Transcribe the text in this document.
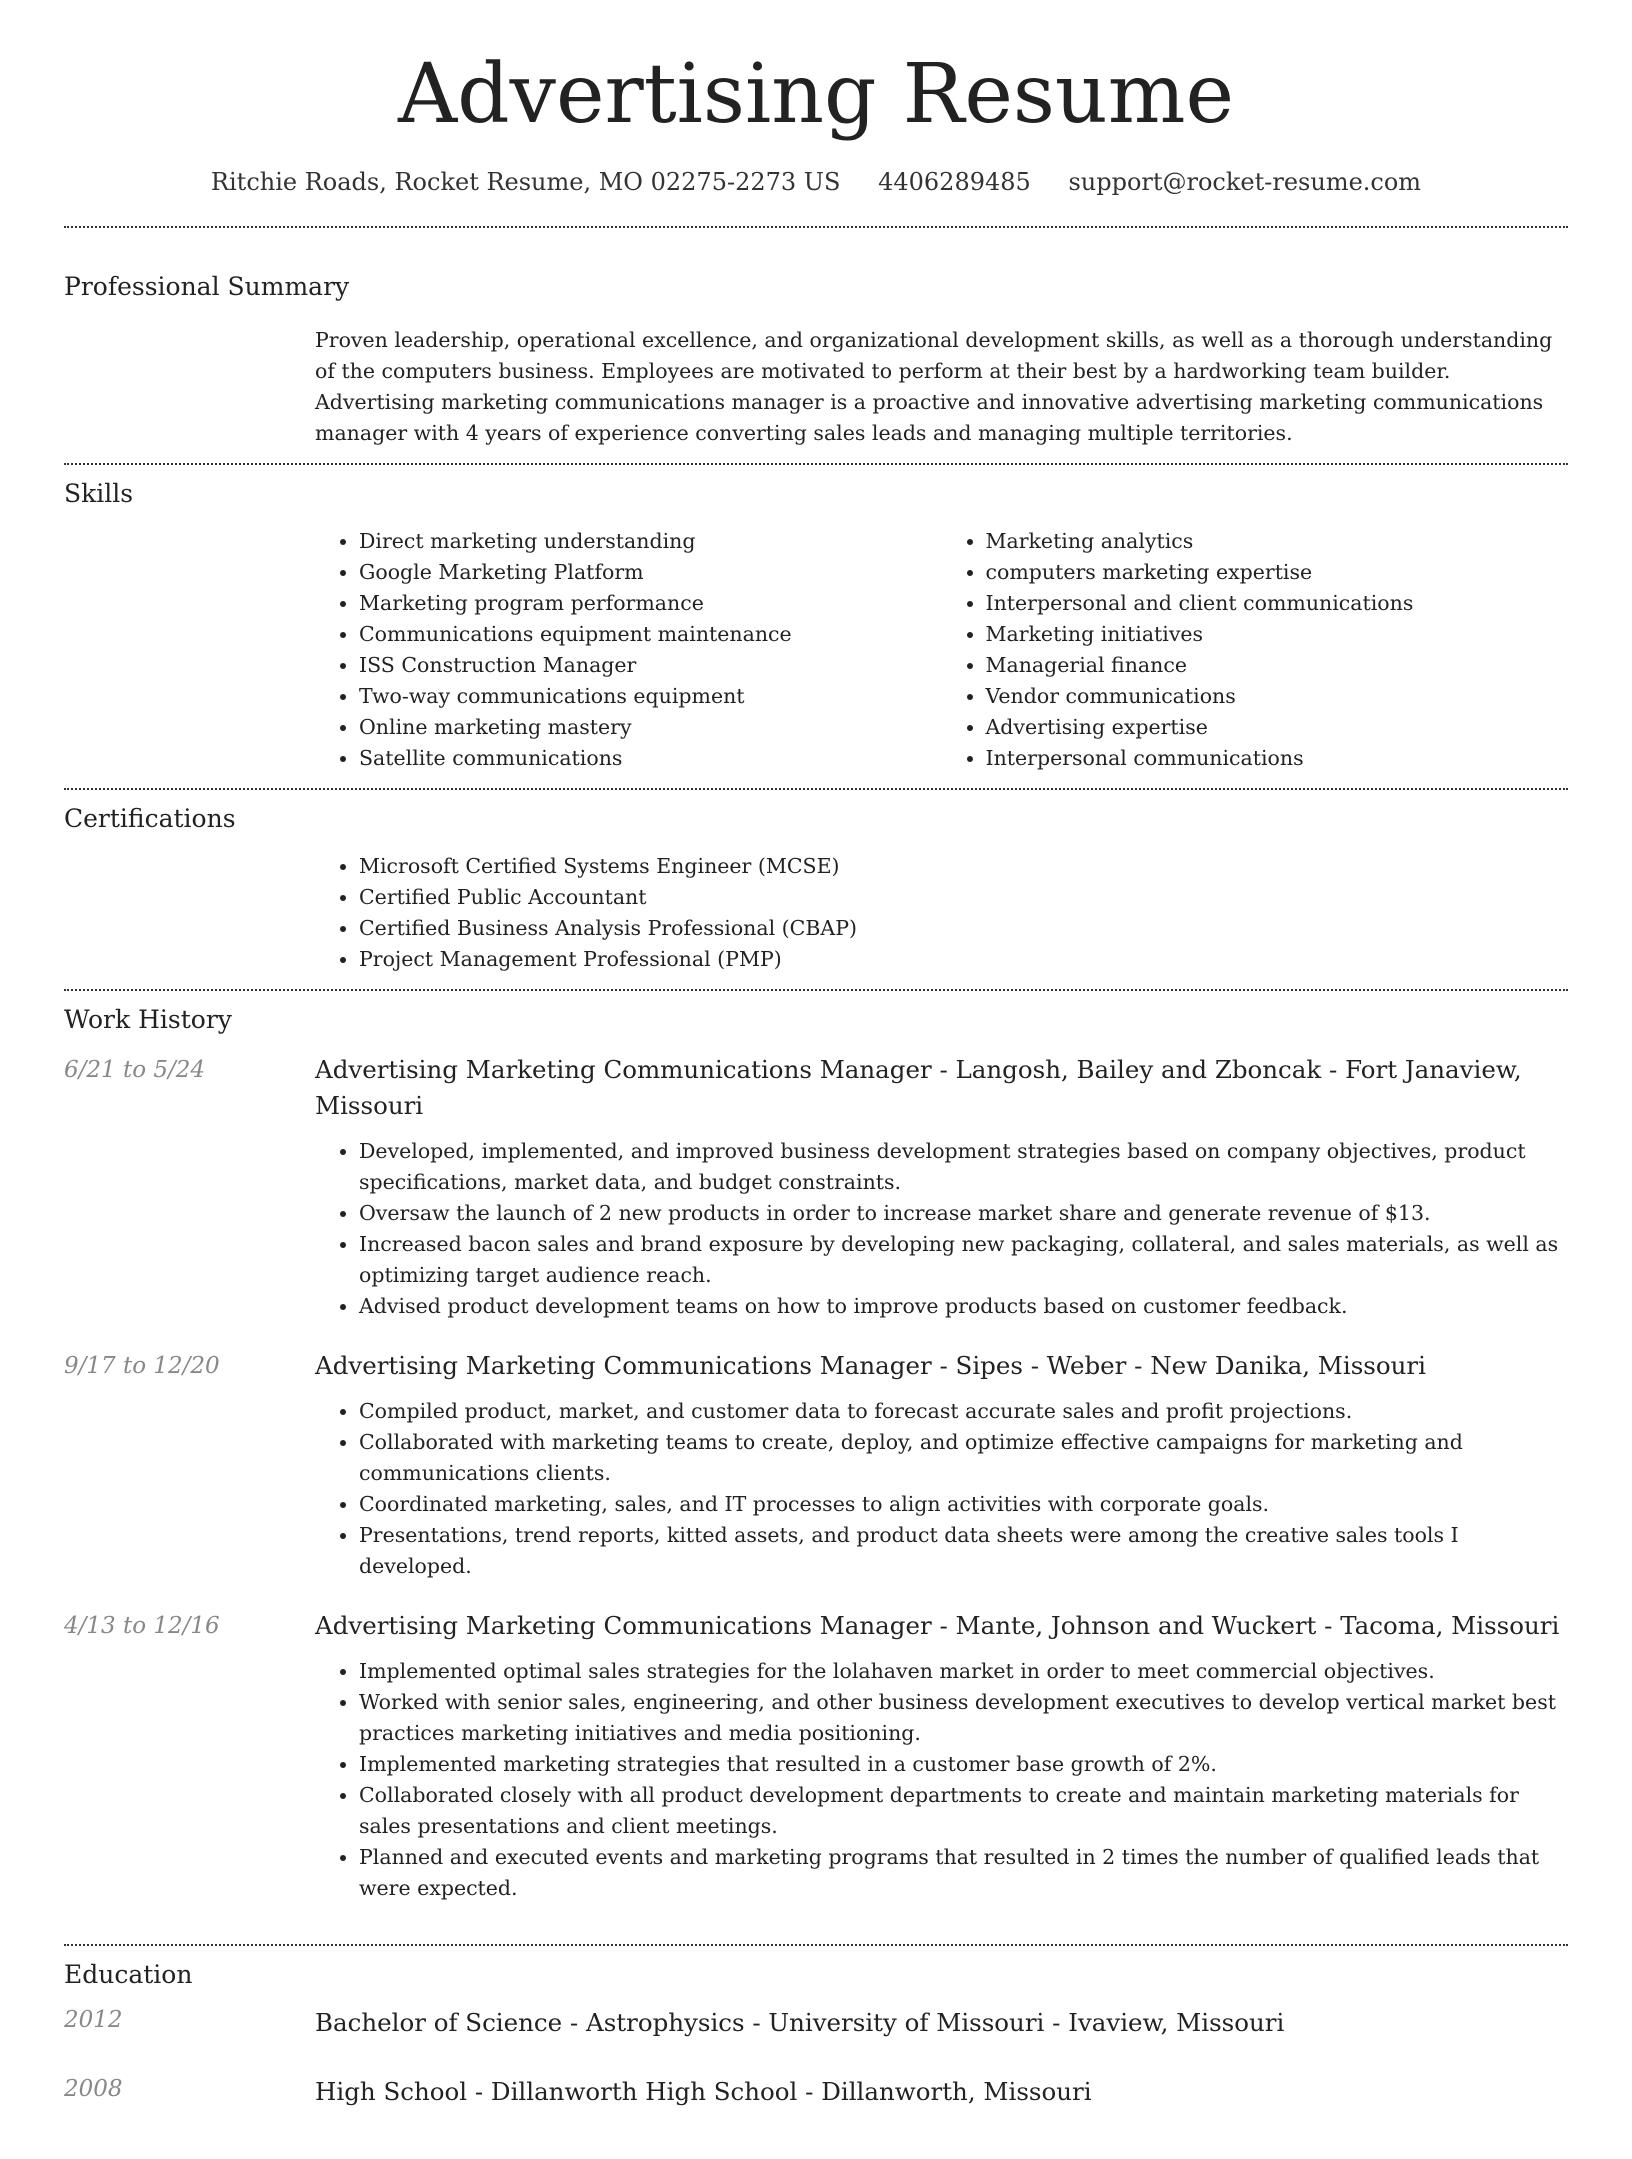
Advertising Resume
Ritchie Roads, Rocket Resume, MO 02275-2273 US 4406289485 support@rocket-resume.com
Professional Summary
Proven leadership, operational excellence, and organizational development skills, as well as a thorough understanding of the computers business. Employees are motivated to perform at their best by a hardworking team builder. Advertising marketing communications manager is a proactive and innovative advertising marketing communications manager with 4 years of experience converting sales leads and managing multiple territories.
Skills
• Direct marketing understanding
• Google Marketing Platform
• Marketing program performance
• Communications equipment maintenance
• ISS Construction Manager
• Two-way communications equipment
• Online marketing mastery
• Satellite communications
• Marketing analytics
• computers marketing expertise
• Interpersonal and client communications
• Marketing initiatives
• Managerial finance
• Vendor communications
• Advertising expertise
• Interpersonal communications
Certifications
• Microsoft Certified Systems Engineer (MCSE)
• Certified Public Accountant
• Certified Business Analysis Professional (CBAP)
• Project Management Professional (PMP)
Work History
6/21 to 5/24	Advertising Marketing Communications Manager - Langosh, Bailey and Zboncak - Fort Janaview, Missouri
• Developed, implemented, and improved business development strategies based on company objectives, product specifications, market data, and budget constraints.
• Oversaw the launch of 2 new products in order to increase market share and generate revenue of $13.
• Increased bacon sales and brand exposure by developing new packaging, collateral, and sales materials, as well as optimizing target audience reach.
• Advised product development teams on how to improve products based on customer feedback.
9/17 to 12/20	Advertising Marketing Communications Manager - Sipes - Weber - New Danika, Missouri
• Compiled product, market, and customer data to forecast accurate sales and profit projections.
• Collaborated with marketing teams to create, deploy, and optimize effective campaigns for marketing and communications clients.
• Coordinated marketing, sales, and IT processes to align activities with corporate goals.
• Presentations, trend reports, kitted assets, and product data sheets were among the creative sales tools I developed.
4/13 to 12/16	Advertising Marketing Communications Manager - Mante, Johnson and Wuckert - Tacoma, Missouri
• Implemented optimal sales strategies for the lolahaven market in order to meet commercial objectives.
• Worked with senior sales, engineering, and other business development executives to develop vertical market best practices marketing initiatives and media positioning.
• Implemented marketing strategies that resulted in a customer base growth of 2%.
• Collaborated closely with all product development departments to create and maintain marketing materials for sales presentations and client meetings.
• Planned and executed events and marketing programs that resulted in 2 times the number of qualified leads that were expected.
Education
2012	Bachelor of Science - Astrophysics - University of Missouri - Ivaview, Missouri
2008	High School - Dillanworth High School - Dillanworth, Missouri
